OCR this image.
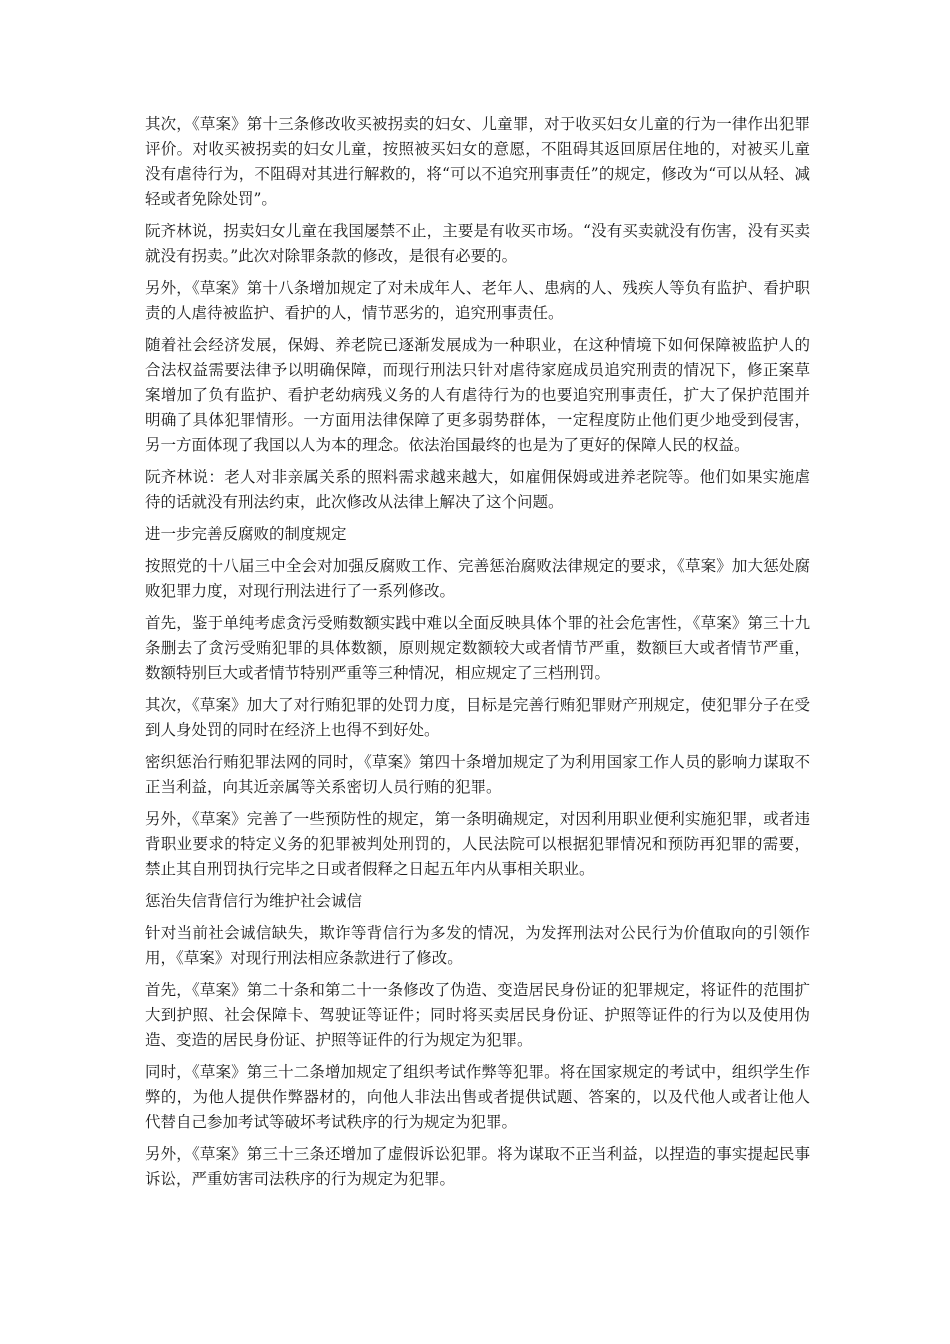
其次，《草案》第十三条修改收买被拐卖的妇女、儿童罪，对于收买妇女儿童的行为一律作出犯罪评价。对收买被拐卖的妇女儿童，按照被买妇女的意愿，不阻碍其返回原居住地的，对被买儿童没有虐待行为，不阻碍对其进行解救的，将“可以不追究刑事责任”的规定，修改为“可以从轻、减轻或者免除处罚”。

阮齐林说，拐卖妇女儿童在我国屡禁不止，主要是有收买市场。“没有买卖就没有伤害，没有买卖就没有拐卖。”此次对除罪条款的修改，是很有必要的。

另外，《草案》第十八条增加规定了对未成年人、老年人、患病的人、残疾人等负有监护、看护职责的人虐待被监护、看护的人，情节恶劣的，追究刑事责任。

随着社会经济发展，保姆、养老院已逐渐发展成为一种职业，在这种情境下如何保障被监护人的合法权益需要法律予以明确保障，而现行刑法只针对虐待家庭成员追究刑责的情况下，修正案草案增加了负有监护、看护老幼病残义务的人有虐待行为的也要追究刑事责任，扩大了保护范围并明确了具体犯罪情形。一方面用法律保障了更多弱势群体，一定程度防止他们更少地受到侵害，另一方面体现了我国以人为本的理念。依法治国最终的也是为了更好的保障人民的权益。

阮齐林说：老人对非亲属关系的照料需求越来越大，如雇佣保姆或进养老院等。他们如果实施虐待的话就没有刑法约束，此次修改从法律上解决了这个问题。

进一步完善反腐败的制度规定

按照党的十八届三中全会对加强反腐败工作、完善惩治腐败法律规定的要求，《草案》加大惩处腐败犯罪力度，对现行刑法进行了一系列修改。

首先，鉴于单纯考虑贪污受贿数额实践中难以全面反映具体个罪的社会危害性，《草案》第三十九条删去了贪污受贿犯罪的具体数额，原则规定数额较大或者情节严重，数额巨大或者情节严重，数额特别巨大或者情节特别严重等三种情况，相应规定了三档刑罚。

其次，《草案》加大了对行贿犯罪的处罚力度，目标是完善行贿犯罪财产刑规定，使犯罪分子在受到人身处罚的同时在经济上也得不到好处。

密织惩治行贿犯罪法网的同时，《草案》第四十条增加规定了为利用国家工作人员的影响力谋取不正当利益，向其近亲属等关系密切人员行贿的犯罪。

另外，《草案》完善了一些预防性的规定，第一条明确规定，对因利用职业便利实施犯罪，或者违背职业要求的特定义务的犯罪被判处刑罚的，人民法院可以根据犯罪情况和预防再犯罪的需要，禁止其自刑罚执行完毕之日或者假释之日起五年内从事相关职业。

惩治失信背信行为维护社会诚信

针对当前社会诚信缺失，欺诈等背信行为多发的情况，为发挥刑法对公民行为价值取向的引领作用，《草案》对现行刑法相应条款进行了修改。

首先，《草案》第二十条和第二十一条修改了伪造、变造居民身份证的犯罪规定，将证件的范围扩大到护照、社会保障卡、驾驶证等证件；同时将买卖居民身份证、护照等证件的行为以及使用伪造、变造的居民身份证、护照等证件的行为规定为犯罪。

同时，《草案》第三十二条增加规定了组织考试作弊等犯罪。将在国家规定的考试中，组织学生作弊的，为他人提供作弊器材的，向他人非法出售或者提供试题、答案的，以及代他人或者让他人代替自己参加考试等破坏考试秩序的行为规定为犯罪。

另外，《草案》第三十三条还增加了虚假诉讼犯罪。将为谋取不正当利益，以捏造的事实提起民事诉讼，严重妨害司法秩序的行为规定为犯罪。
